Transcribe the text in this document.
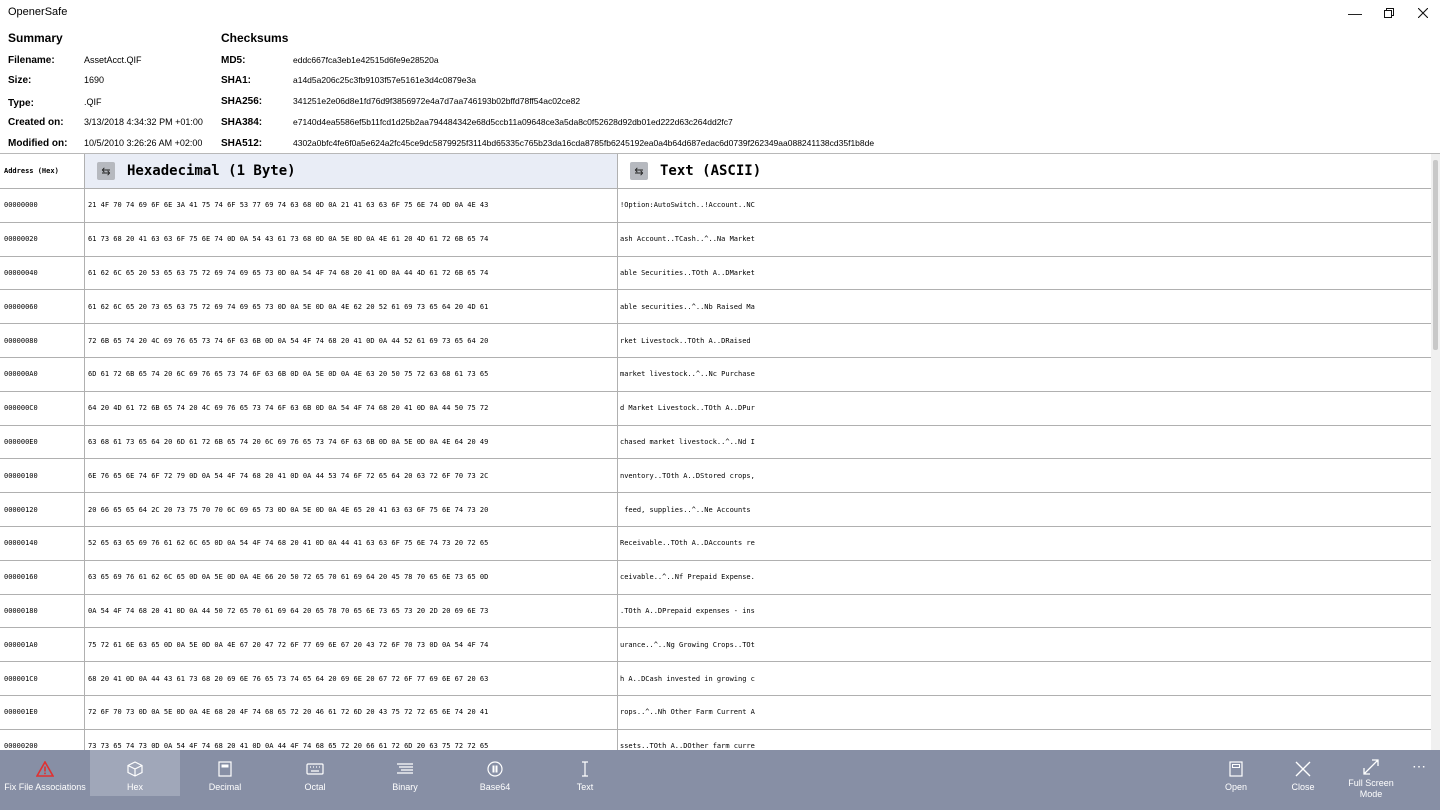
OpenerSafe	—
Summary	Checksums
Filename:	AssetAcct.QIF
Size:	1690
Type:	.QIF
Created on: 3/13/2018 4:34:32 PM +01:00
Modified on: 10/5/2010 3:26:26 AM +02:00
MD5:	eddc667fca3eb1e42515d6fe9e28520a
SHA1:	a14d5a206c25c3fb9103f57e5161e3d4c0879e3a
SHA256:	341251e2e06d8e1fd76d9f3856972e4a7d7aa746193b02bffd78ff54ac02ce82
SHA384:	e7140d4ea5586ef5b11fcd1d25b2aa794484342e68d5ccb11a09648ce3a5da8c0f52628d92db01ed222d63c264dd2fc7
SHA512:	4302a0bfc4fe6f0a5e624a2fc45ce9dc5879925f3114bd65335c765b23da16cda8785fb6245192ea0a4b64d687edac6d0739f262349aa088241138cd35f1b8de
Address (Hex)	⇆ Hexadecimal (1 Byte)	⇆ Text (ASCII)
00000000	21 4F 70 74 69 6F 6E 3A 41 75 74 6F 53 77 69 74 63 68 0D 0A 21 41 63 63 6F 75 6E 74 0D 0A 4E 43	!Option:AutoSwitch..!Account..NC
00000020	61 73 68 20 41 63 63 6F 75 6E 74 0D 0A 54 43 61 73 68 0D 0A 5E 0D 0A 4E 61 20 4D 61 72 6B 65 74	ash Account..TCash..^..Na Market
00000040	61 62 6C 65 20 53 65 63 75 72 69 74 69 65 73 0D 0A 54 4F 74 68 20 41 0D 0A 44 4D 61 72 6B 65 74	able Securities..TOth A..DMarket
00000060	61 62 6C 65 20 73 65 63 75 72 69 74 69 65 73 0D 0A 5E 0D 0A 4E 62 20 52 61 69 73 65 64 20 4D 61	able securities..^..Nb Raised Ma
00000080	72 6B 65 74 20 4C 69 76 65 73 74 6F 63 6B 0D 0A 54 4F 74 68 20 41 0D 0A 44 52 61 69 73 65 64 20	rket Livestock..TOth A..DRaised
000000A0	6D 61 72 6B 65 74 20 6C 69 76 65 73 74 6F 63 6B 0D 0A 5E 0D 0A 4E 63 20 50 75 72 63 68 61 73 65	market livestock..^..Nc Purchase
000000C0	64 20 4D 61 72 6B 65 74 20 4C 69 76 65 73 74 6F 63 6B 0D 0A 54 4F 74 68 20 41 0D 0A 44 50 75 72	d Market Livestock..TOth A..DPur
000000E0	63 68 61 73 65 64 20 6D 61 72 6B 65 74 20 6C 69 76 65 73 74 6F 63 6B 0D 0A 5E 0D 0A 4E 64 20 49	chased market livestock..^..Nd I
00000100	6E 76 65 6E 74 6F 72 79 0D 0A 54 4F 74 68 20 41 0D 0A 44 53 74 6F 72 65 64 20 63 72 6F 70 73 2C	nventory..TOth A..DStored crops,
00000120	20 66 65 65 64 2C 20 73 75 70 70 6C 69 65 73 0D 0A 5E 0D 0A 4E 65 20 41 63 63 6F 75 6E 74 73 20	feed, supplies..^..Ne Accounts
00000140	52 65 63 65 69 76 61 62 6C 65 0D 0A 54 4F 74 68 20 41 0D 0A 44 41 63 63 6F 75 6E 74 73 20 72 65	Receivable..TOth A..DAccounts re
00000160	63 65 69 76 61 62 6C 65 0D 0A 5E 0D 0A 4E 66 20 50 72 65 70 61 69 64 20 45 78 70 65 6E 73 65 0D	ceivable..^..Nf Prepaid Expense.
00000180	0A 54 4F 74 68 20 41 0D 0A 44 50 72 65 70 61 69 64 20 65 78 70 65 6E 73 65 73 20 2D 20 69 6E 73	.TOth A..DPrepaid expenses - ins
000001A0	75 72 61 6E 63 65 0D 0A 5E 0D 0A 4E 67 20 47 72 6F 77 69 6E 67 20 43 72 6F 70 73 0D 0A 54 4F 74	urance..^..Ng Growing Crops..TOt
000001C0	68 20 41 0D 0A 44 43 61 73 68 20 69 6E 76 65 73 74 65 64 20 69 6E 20 67 72 6F 77 69 6E 67 20 63	h A..DCash invested in growing c
000001E0	72 6F 70 73 0D 0A 5E 0D 0A 4E 68 20 4F 74 68 65 72 20 46 61 72 6D 20 43 75 72 72 65 6E 74 20 41	rops..^..Nh Other Farm Current A
00000200	73 73 65 74 73 0D 0A 54 4F 74 68 20 41 0D 0A 44 4F 74 68 65 72 20 66 61 72 6D 20 63 75 72 72 65	ssets..TOth A..DOther farm curre
Fix File Associations	Hex	Decimal	Octal	Binary	Base64	Text	Open	Close	Full Screen Mode
⋯
